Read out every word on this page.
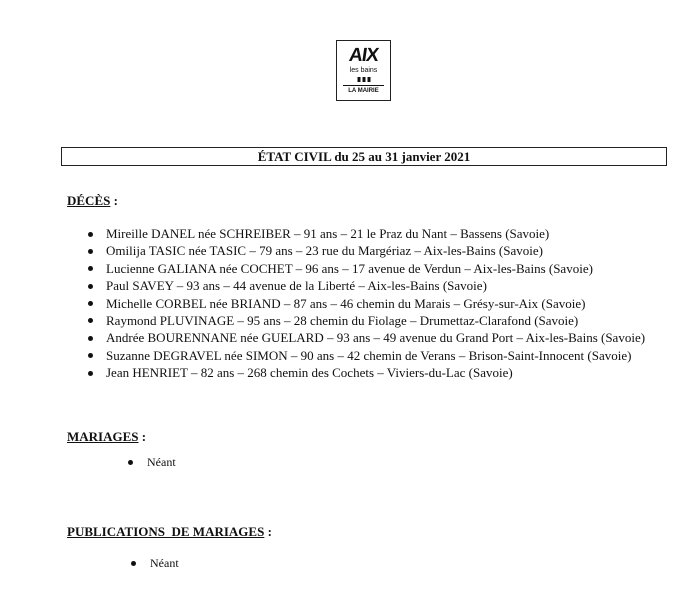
AIX
les bains
LA MAIRIE
ÉTAT CIVIL du 25 au 31 janvier 2021
DÉCÈS :
Mireille DANEL née SCHREIBER – 91 ans – 21 le Praz du Nant – Bassens (Savoie)
Omilija TASIC née TASIC – 79 ans – 23 rue du Margériaz – Aix-les-Bains (Savoie)
Lucienne GALIANA née COCHET – 96 ans – 17 avenue de Verdun – Aix-les-Bains (Savoie)
Paul SAVEY – 93 ans – 44 avenue de la Liberté – Aix-les-Bains (Savoie)
Michelle CORBEL née BRIAND – 87 ans – 46 chemin du Marais – Grésy-sur-Aix (Savoie)
Raymond PLUVINAGE – 95 ans – 28 chemin du Fiolage – Drumettaz-Clarafond (Savoie)
Andrée BOURENNANE née GUELARD – 93 ans – 49 avenue du Grand Port – Aix-les-Bains (Savoie)
Suzanne DEGRAVEL née SIMON – 90 ans – 42 chemin de Verans – Brison-Saint-Innocent (Savoie)
Jean HENRIET – 82 ans – 268 chemin des Cochets – Viviers-du-Lac (Savoie)
MARIAGES :
Néant
PUBLICATIONS  DE MARIAGES :
Néant
